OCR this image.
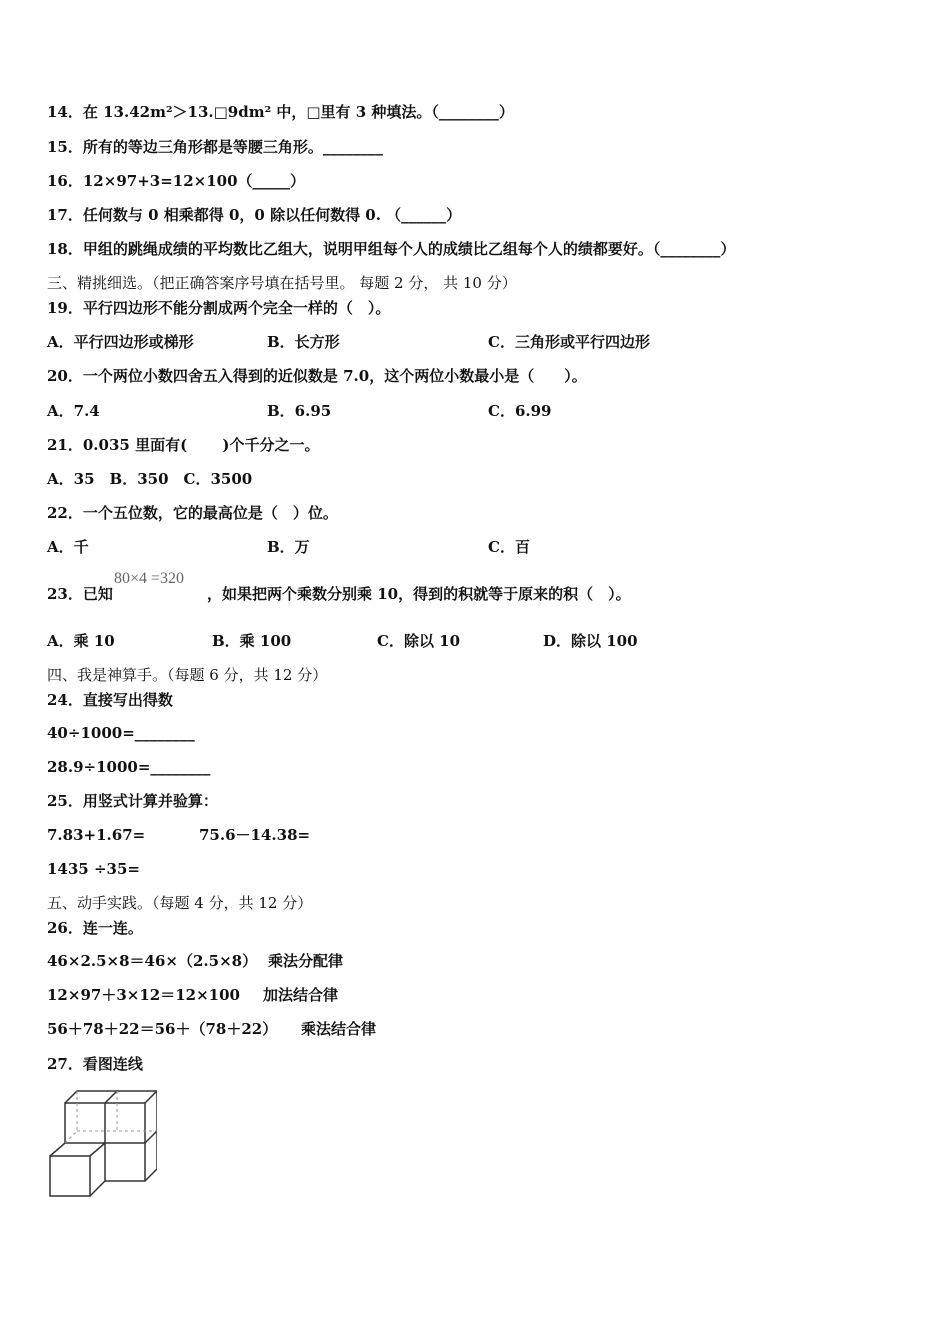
14．在 13.42m²＞13.□9dm² 中，□里有 3 种填法。（________）
15．所有的等边三角形都是等腰三角形。________
16．12×97+3=12×100（_____）
17．任何数与 0 相乘都得 0，0 除以任何数得 0. （______）
18．甲组的跳绳成绩的平均数比乙组大，说明甲组每个人的成绩比乙组每个人的绩都要好。（________）
三、精挑细选。（把正确答案序号填在括号里。 每题 2 分， 共 10 分）
19．平行四边形不能分割成两个完全一样的（　）。
A．平行四边形或梯形	B．长方形	C．三角形或平行四边形
20．一个两位小数四舍五入得到的近似数是 7.0，这个两位小数最小是（　　）。
A．7.4	B．6.95	C．6.99
21．0.035 里面有(　　 )个千分之一。
A．35　B．350　C．3500
22．一个五位数，它的最高位是（　）位。
A．千	B．万	C．百
23．已知
80×4 =320
，如果把两个乘数分别乘 10，得到的积就等于原来的积（　）。
A．乘 10	B．乘 100	C．除以 10	D．除以 100
四、我是神算手。（每题 6 分，共 12 分）
24．直接写出得数
40÷1000=________
28.9÷1000=________
25．用竖式计算并验算：
7.83+1.67=	75.6－14.38=
1435 ÷35=
五、动手实践。（每题 4 分，共 12 分）
26．连一连。
46×2.5×8＝46×（2.5×8） 乘法分配律
12×97＋3×12＝12×100 加法结合律
56＋78＋22＝56＋（78＋22） 乘法结合律
27．看图连线
